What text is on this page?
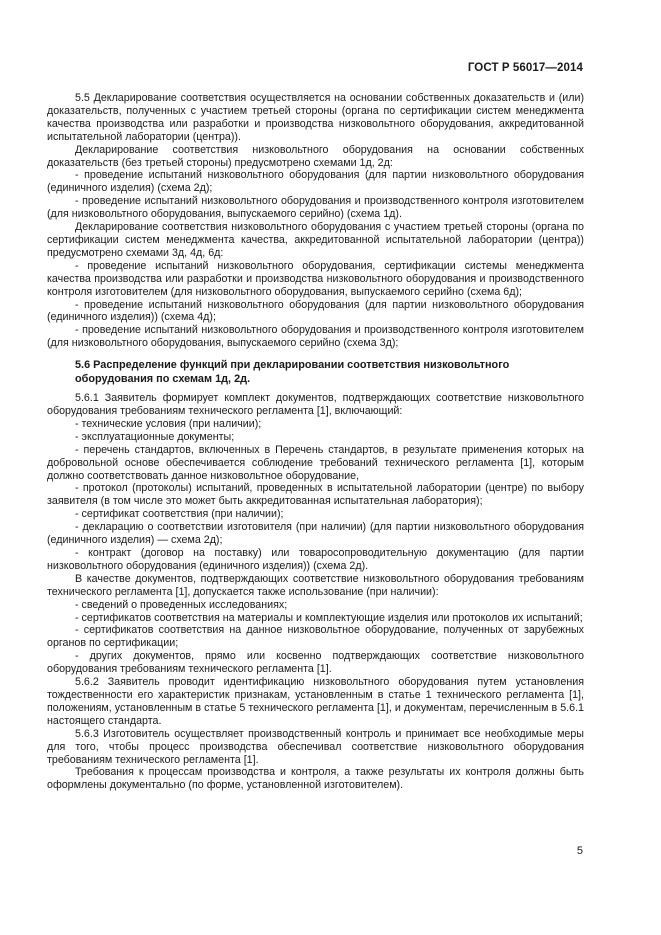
ГОСТ Р 56017—2014

5.5 Декларирование соответствия осуществляется на основании собственных доказательств и (или) доказательств, полученных с участием третьей стороны (органа по сертификации систем менеджмента качества производства или разработки и производства низковольтного оборудования, аккредитованной испытательной лаборатории (центра)).

Декларирование соответствия низковольтного оборудования на основании собственных доказательств (без третьей стороны) предусмотрено схемами 1д, 2д:

- проведение испытаний низковольтного оборудования (для партии низковольтного оборудования (единичного изделия) (схема 2д);

- проведение испытаний низковольтного оборудования и производственного контроля изготовителем (для низковольтного оборудования, выпускаемого серийно) (схема 1д).

Декларирование соответствия низковольтного оборудования с участием третьей стороны (органа по сертификации систем менеджмента качества, аккредитованной испытательной лаборатории (центра)) предусмотрено схемами 3д, 4д, 6д:

- проведение испытаний низковольтного оборудования, сертификации системы менеджмента качества производства или разработки и производства низковольтного оборудования и производственного контроля изготовителем (для низковольтного оборудования, выпускаемого серийно (схема 6д);

- проведение испытаний низковольтного оборудования (для партии низковольтного оборудования (единичного изделия)) (схема 4д);

- проведение испытаний низковольтного оборудования и производственного контроля изготовителем (для низковольтного оборудования, выпускаемого серийно (схема 3д);

5.6 Распределение функций при декларировании соответствия низковольтного оборудования по схемам 1д, 2д.

5.6.1 Заявитель формирует комплект документов, подтверждающих соответствие низковольтного оборудования требованиям технического регламента [1], включающий:

- технические условия (при наличии);

- эксплуатационные документы;

- перечень стандартов, включенных в Перечень стандартов, в результате применения которых на добровольной основе обеспечивается соблюдение требований технического регламента [1], которым должно соответствовать данное низковольтное оборудование,

- протокол (протоколы) испытаний, проведенных в испытательной лаборатории (центре) по выбору заявителя (в том числе это может быть аккредитованная испытательная лаборатория);

- сертификат соответствия (при наличии);

- декларацию о соответствии изготовителя (при наличии) (для партии низковольтного оборудования (единичного изделия) — схема 2д);

- контракт (договор на поставку) или товаросопроводительную документацию (для партии низковольтного оборудования (единичного изделия)) (схема 2д).

В качестве документов, подтверждающих соответствие низковольтного оборудования требованиям технического регламента [1], допускается также использование (при наличии):

- сведений о проведенных исследованиях;

- сертификатов соответствия на материалы и комплектующие изделия или протоколов их испытаний;

- сертификатов соответствия на данное низковольтное оборудование, полученных от зарубежных органов по сертификации;

- других документов, прямо или косвенно подтверждающих соответствие низковольтного оборудования требованиям технического регламента [1].

5.6.2 Заявитель проводит идентификацию низковольтного оборудования путем установления тождественности его характеристик признакам, установленным в статье 1 технического регламента [1], положениям, установленным в статье 5 технического регламента [1], и документам, перечисленным в 5.6.1 настоящего стандарта.

5.6.3 Изготовитель осуществляет производственный контроль и принимает все необходимые меры для того, чтобы процесс производства обеспечивал соответствие низковольтного оборудования требованиям технического регламента [1].

Требования к процессам производства и контроля, а также результаты их контроля должны быть оформлены документально (по форме, установленной изготовителем).

5
